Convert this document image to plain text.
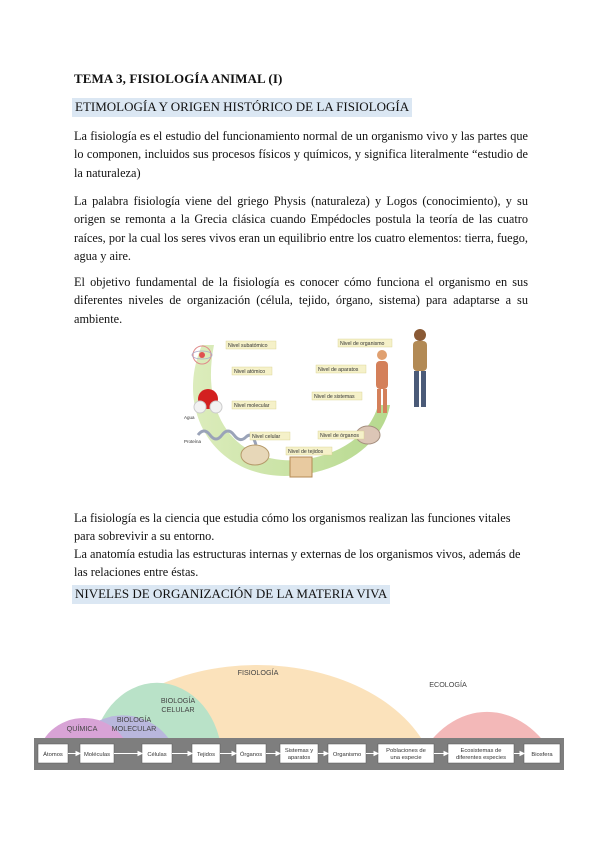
TEMA 3, FISIOLOGÍA ANIMAL (I)
ETIMOLOGÍA Y ORIGEN HISTÓRICO DE LA FISIOLOGÍA

La fisiología es el estudio del funcionamiento normal de un organismo vivo y las partes que lo componen, incluidos sus procesos físicos y químicos, y significa literalmente “estudio de la naturaleza)

La palabra fisiología viene del griego Physis (naturaleza) y Logos (conocimiento), y su origen se remonta a la Grecia clásica cuando Empédocles postula la teoría de las cuatro raíces, por la cual los seres vivos eran un equilibrio entre los cuatro elementos: tierra, fuego, agua y aire.

El objetivo fundamental de la fisiología es conocer cómo funciona el organismo en sus diferentes niveles de organización (célula, tejido, órgano, sistema) para adaptarse a su ambiente.

Nivel subatómico
Nivel atómico
Nivel molecular
Nivel celular
Nivel de tejidos
Nivel de órganos
Nivel de sistemas
Nivel de aparatos
Nivel de organismo
Agua
Proteína

La fisiología es la ciencia que estudia cómo los organismos realizan las funciones vitales para sobrevivir a su entorno.

La anatomía estudia las estructuras internas y externas de los organismos vivos, además de las relaciones entre éstas.

NIVELES DE ORGANIZACIÓN DE LA MATERIA VIVA
QUÍMICA
BIOLOGÍA
MOLECULAR
BIOLOGÍA
CELULAR
FISIOLOGÍA
ECOLOGÍA
Átomos	Moléculas	Células	Tejidos	Órganos
Sistemas y
aparatos	Organismo
Poblaciones de
una especie
Ecosistemas de
diferentes especies	Biosfera
